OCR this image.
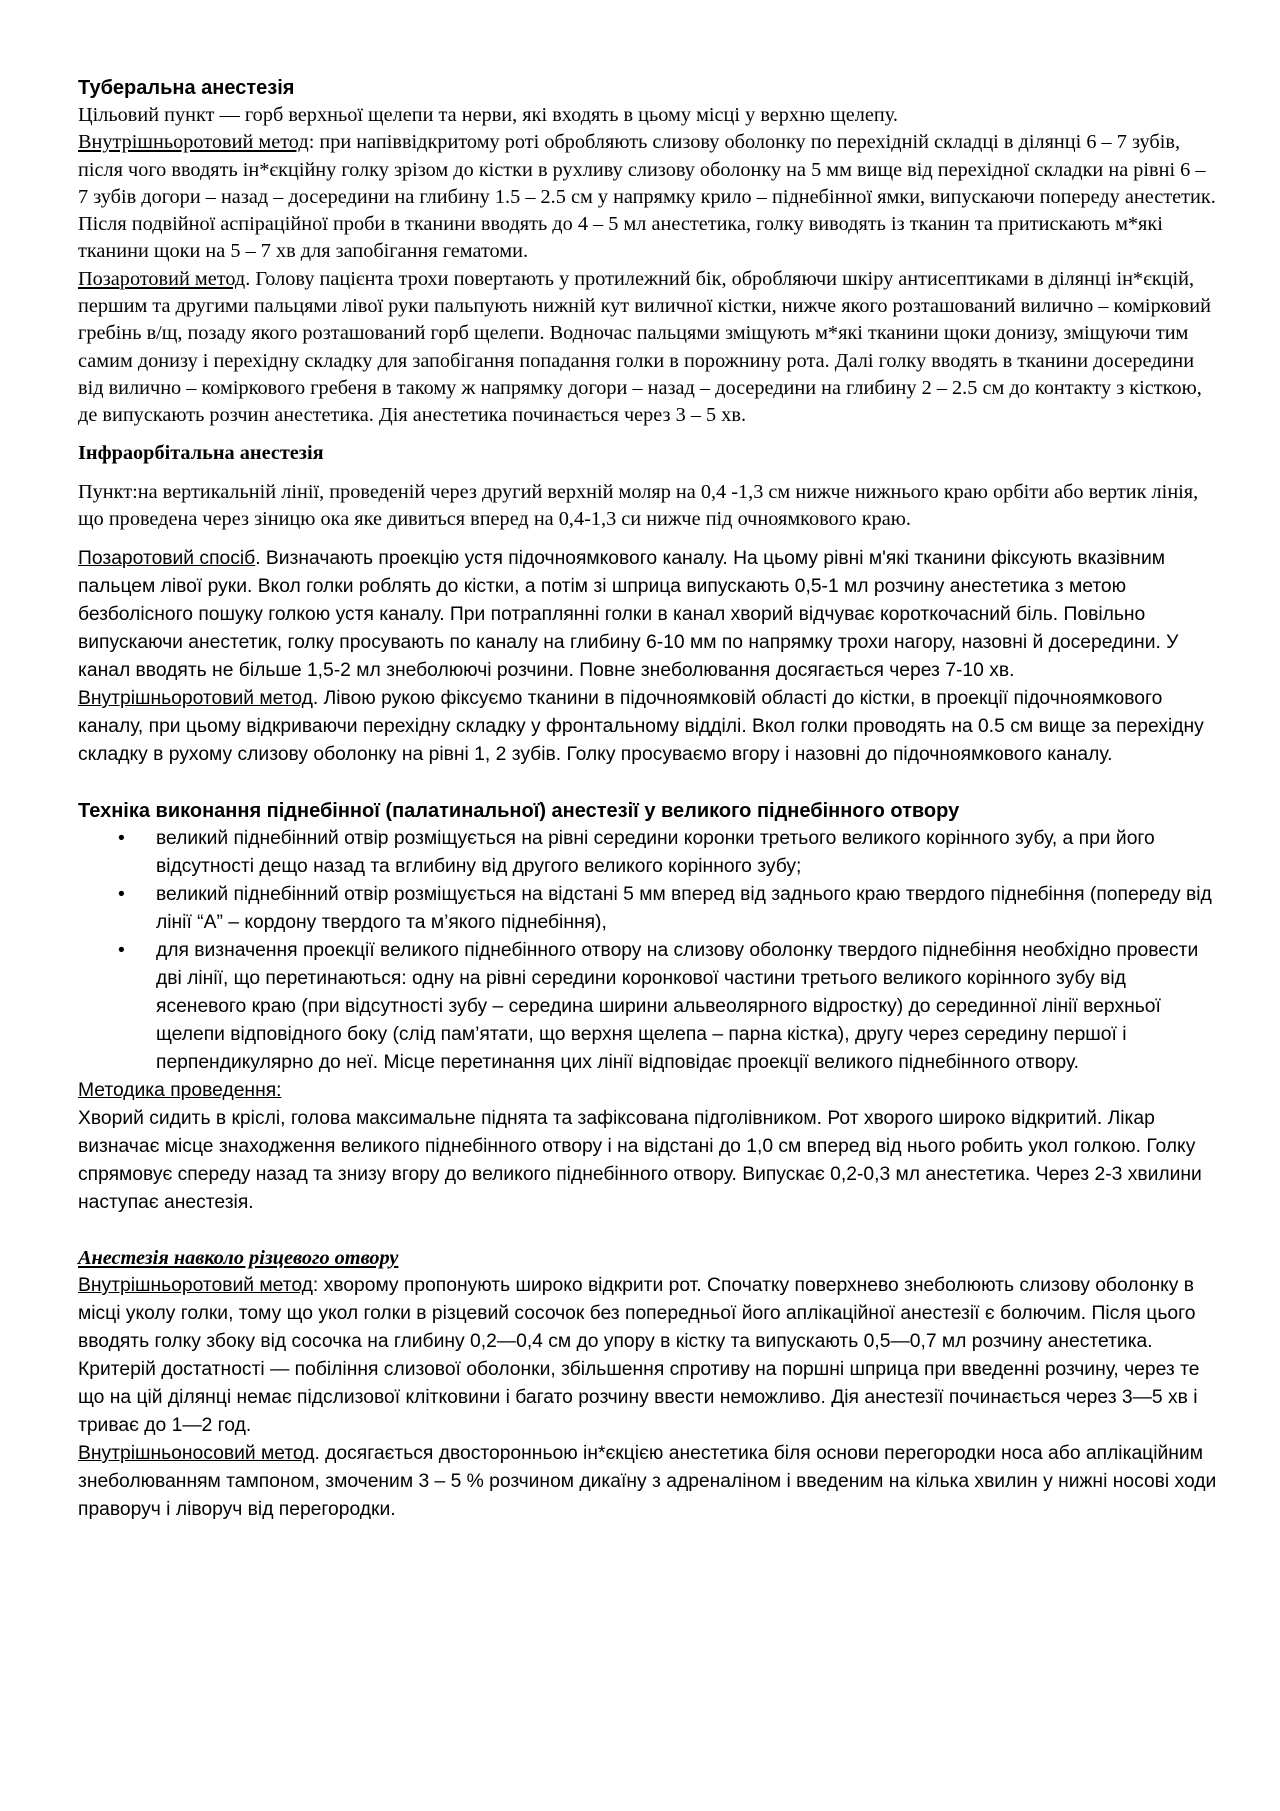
Туберальна анестезія

Цільовий пункт — горб верхньої щелепи та нерви, які входять в цьому місці у верхню щелепу.

Внутрішньоротовий метод: при напіввідкритому роті обробляють слизову оболонку по перехідній складці в ділянці 6 – 7 зубів, після чого вводять ін*єкційну голку зрізом до кістки в рухливу слизову оболонку на 5 мм вище від перехідної складки на рівні 6 – 7 зубів догори – назад – досередини на глибину 1.5 – 2.5 см у напрямку крило – піднебінної ямки, випускаючи попереду анестетик. Після подвійної аспіраційної проби в тканини вводять до 4 – 5 мл анестетика, голку виводять із тканин та притискають м*які тканини щоки на 5 – 7 хв для запобігання гематоми.

Позаротовий метод. Голову пацієнта трохи повертають у протилежний бік, обробляючи шкіру антисептиками в ділянці ін*єкцій, першим та другими пальцями лівої руки пальпують нижній кут виличної кістки, нижче якого розташований вилично – комірковий гребінь в/щ, позаду якого розташований горб щелепи. Водночас пальцями зміщують м*які тканини щоки донизу, зміщуючи тим самим донизу і перехідну складку для запобігання попадання голки в порожнину рота. Далі голку вводять в тканини досередини від вилично – коміркового гребеня в такому ж напрямку догори – назад – досередини на глибину 2 – 2.5 см до контакту з кісткою, де випускають розчин анестетика. Дія анестетика починається через 3 – 5 хв.

Інфраорбітальна анестезія

Пункт:на вертикальній лінії, проведеній через другий верхній моляр на 0,4 -1,3 см нижче нижнього краю орбіти або вертик лінія, що проведена через зіницю ока яке дивиться вперед на 0,4-1,3 си нижче під очноямкового краю.

Позаротовий спосіб. Визначають проекцію устя підочноямкового каналу. На цьому рівні м'які тканини фіксують вказівним пальцем лівої руки. Вкол голки роблять до кістки, а потім зі шприца випускають 0,5-1 мл розчину анестетика з метою безболісного пошуку голкою устя каналу. При потраплянні голки в канал хворий відчуває короткочасний біль. Повільно випускаючи анестетик, голку просувають по каналу на глибину 6-10 мм по напрямку трохи нагору, назовні й досередини. У канал вводять не більше 1,5-2 мл знеболюючі розчини. Повне знеболювання досягається через 7-10 хв.

Внутрішньоротовий метод. Лівою рукою фіксуємо тканини в підочноямковій області до кістки, в проекції підочноямкового каналу, при цьому відкриваючи перехідну складку у фронтальному відділі. Вкол голки проводять на 0.5 см вище за перехідну складку в рухому слизову оболонку на рівні 1, 2 зубів. Голку просуваємо вгору і назовні до підочноямкового каналу.

Техніка виконання піднебінної (палатинальної) анестезії у великого піднебінного отвору
• великий піднебінний отвір розміщується на рівні середини коронки третього великого корінного зубу, а при його відсутності дещо назад та вглибину від другого великого корінного зубу;
• великий піднебінний отвір розміщується на відстані 5 мм вперед від заднього краю твердого піднебіння (попереду від лінії “А” – кордону твердого та м’якого піднебіння),
• для визначення проекції великого піднебінного отвору на слизову оболонку твердого піднебіння необхідно провести дві лінії, що перетинаються: одну на рівні середини коронкової частини третього великого корінного зубу від ясеневого краю (при відсутності зубу – середина ширини альвеолярного відростку) до серединної лінії верхньої щелепи відповідного боку (слід пам’ятати, що верхня щелепа – парна кістка), другу через середину першої і перпендикулярно до неї. Місце перетинання цих лінії відповідає проекції великого піднебінного отвору.

Методика проведення:

Хворий сидить в кріслі, голова максимальне піднята та зафіксована підголівником. Рот хворого широко відкритий. Лікар визначає місце знаходження великого піднебінного отвору і на відстані до 1,0 см вперед від нього робить укол голкою. Голку спрямовує спереду назад та знизу вгору до великого піднебінного отвору. Випускає 0,2-0,3 мл анестетика. Через 2-3 хвилини наступає анестезія.

Анестезія навколо різцевого отвору

Внутрішньоротовий метод: хворому пропонують широко відкрити рот. Спочатку поверхнево знеболюють слизову оболонку в місці уколу голки, тому що укол голки в різцевий сосочок без попередньої його аплікаційної анестезії є болючим. Після цього вводять голку збоку від сосочка на глибину 0,2—0,4 см до упору в кістку та випускають 0,5—0,7 мл розчину анестетика. Критерій достатності — побіління слизової оболонки, збільшення спротиву на поршні шприца при введенні розчину, через те що на цій ділянці немає підслизової клітковини і багато розчину ввести неможливо. Дія анестезії починається через 3—5 хв і триває до 1—2 год.

Внутрішньоносовий метод. досягається двосторонньою ін*єкцією анестетика біля основи перегородки носа або аплікаційним знеболюванням тампоном, змоченим 3 – 5 % розчином дикаїну з адреналіном і введеним на кілька хвилин у нижні носові ходи праворуч і ліворуч від перегородки.
